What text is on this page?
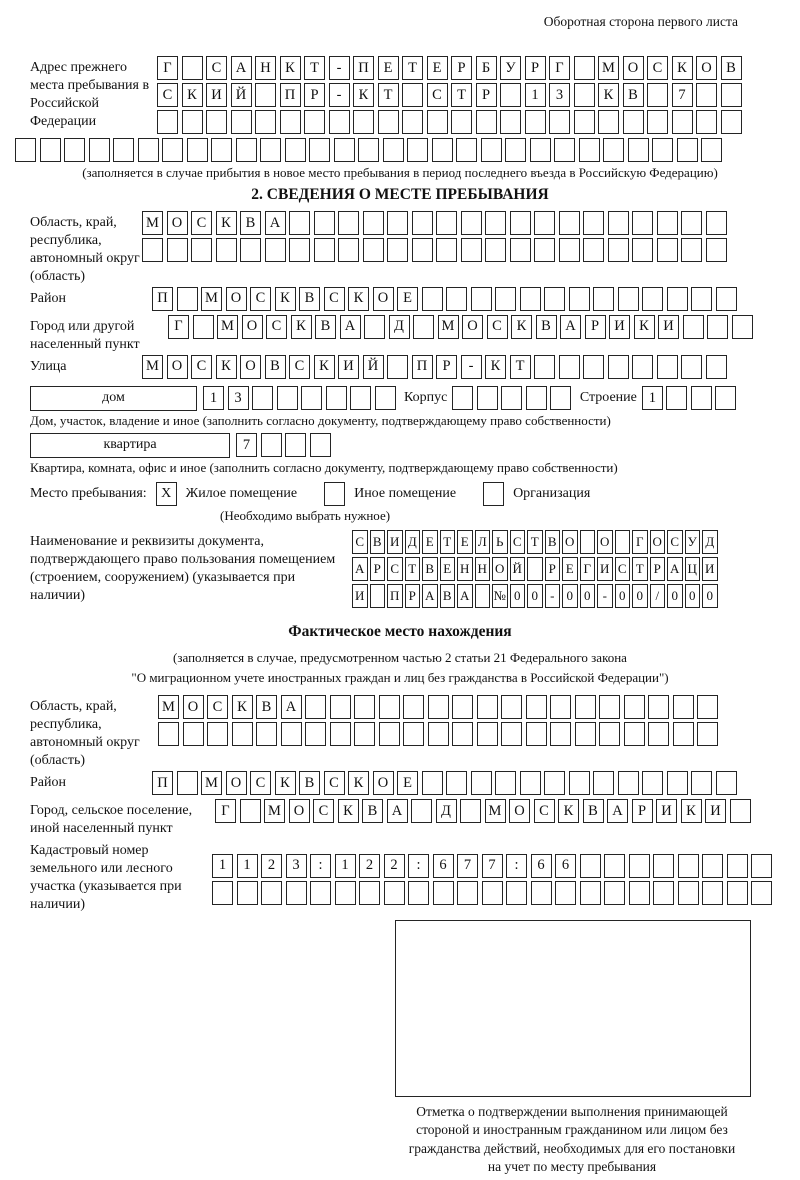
Оборотная сторона первого листа
Адрес прежнего места пребывания в Российской Федерации
Г	С А Н К	Т	-	П	Е	Т	Е	Р	Б	У	Р	Г	М О С	К О В
С	К И Й	П	Р	-	К	Т	С	Т	Р	1	3	К	В	7
(заполняется в случае прибытия в новое место пребывания в период последнего въезда в Российскую Федерацию)
2. СВЕДЕНИЯ О МЕСТЕ ПРЕБЫВАНИЯ
Область, край, республика, автономный округ (область)
М О С	К	В А
Район	П	М О С	К	В	С	К О	Е
Город или другой населенный пункт
Г	М О С	К	В А	Д	М О С	К	В А	Р	И К И
Улица	М О С	К О В	С	К И Й	П	Р	-	К	Т
дом	1	3	Корпус	Строение 1
Дом, участок, владение и иное (заполнить согласно документу, подтверждающему право собственности)
квартира	7
Квартира, комната, офис и иное (заполнить согласно документу, подтверждающему право собственности)
Место пребывания:	X	Жилое помещение	Иное помещение	Организация
(Необходимо выбрать нужное)
Наименование и реквизиты документа, подтверждающего право пользования помещением (строением, сооружением) (указывается при наличии)
С В И Д Е Т Е Л Ь С Т В О О	Г О С У Д
А Р С Т В Е Н Н О Й	Р Е Г И С Т Р А Ц И
И П Р А В А № 0 0 - 0 0 - 0 0 / 0 0 0
Фактическое место нахождения
(заполняется в случае, предусмотренном частью 2 статьи 21 Федерального закона
"О миграционном учете иностранных граждан и лиц без гражданства в Российской Федерации")
Область, край, республика, автономный округ (область)
М О С	К	В А
Район	П	М О С	К	В	С	К О	Е
Город, сельское поселение, иной населенный пункт
Г	М О С	К	В А	Д	М О С	К	В А	Р	И К И
Кадастровый номер земельного или лесного участка (указывается при наличии)
1	1	2	3	:	1	2	2	:	6	7	7	:	6	6
Отметка о подтверждении выполнения принимающей
стороной и иностранным гражданином или лицом без
гражданства действий, необходимых для его постановки
на учет по месту пребывания
